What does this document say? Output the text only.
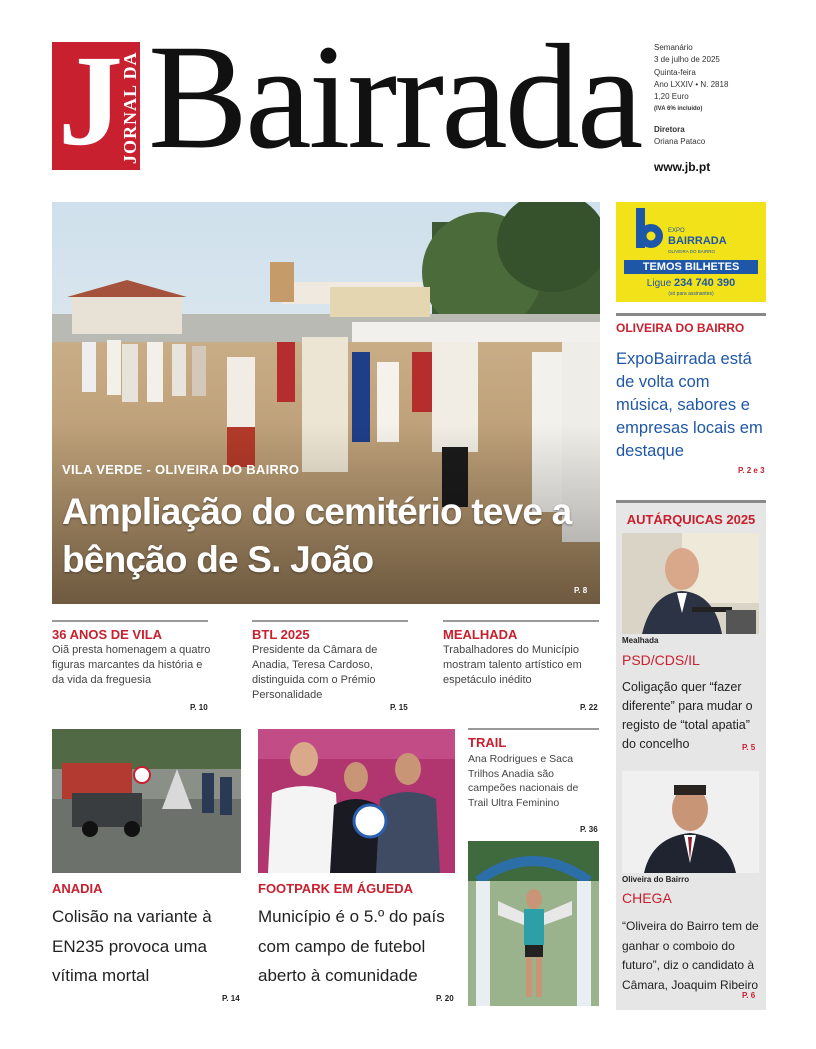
J
JORNAL DA Bairrada Semanário
3 de julho de 2025
Quinta-feira
Ano LXXIV • N. 2818
1,20 Euro
(IVA 6% incluído)
Diretora
Oriana Pataco
www.jb.pt
VILA VERDE - OLIVEIRA DO BAIRRO
Ampliação do cemitério teve a bênção de S. João
P. 8
EXPO
BAIRRADA
OLIVEIRA DO BAIRRO
TEMOS BILHETES
Ligue 234 740 390
(só para assinantes)
OLIVEIRA DO BAIRRO
ExpoBairrada está de volta com música, sabores e empresas locais em destaque
P. 2 e 3
AUTÁRQUICAS 2025
Mealhada
PSD/CDS/IL
Coligação quer “fazer diferente” para mudar o registo de “total apatia” do concelho	P. 5
Oliveira do Bairro
CHEGA
“Oliveira do Bairro tem de ganhar o comboio do futuro”, diz o candidato à Câmara, Joaquim Ribeiro
P. 6
36 ANOS DE VILA
Oiã presta homenagem a quatro figuras marcantes da história e da vida da freguesia
P. 10
BTL 2025
Presidente da Câmara de Anadia, Teresa Cardoso, distinguida com o Prémio Personalidade
P. 15
MEALHADA
Trabalhadores do Município mostram talento artístico em espetáculo inédito
P. 22
ANADIA
Colisão na variante à EN235 provoca uma vítima mortal
P. 14
FOOTPARK EM ÁGUEDA
Município é o 5.º do país com campo de futebol aberto à comunidade
P. 20
TRAIL
Ana Rodrigues e Saca Trilhos Anadia são campeões nacionais de Trail Ultra Feminino
P. 36
